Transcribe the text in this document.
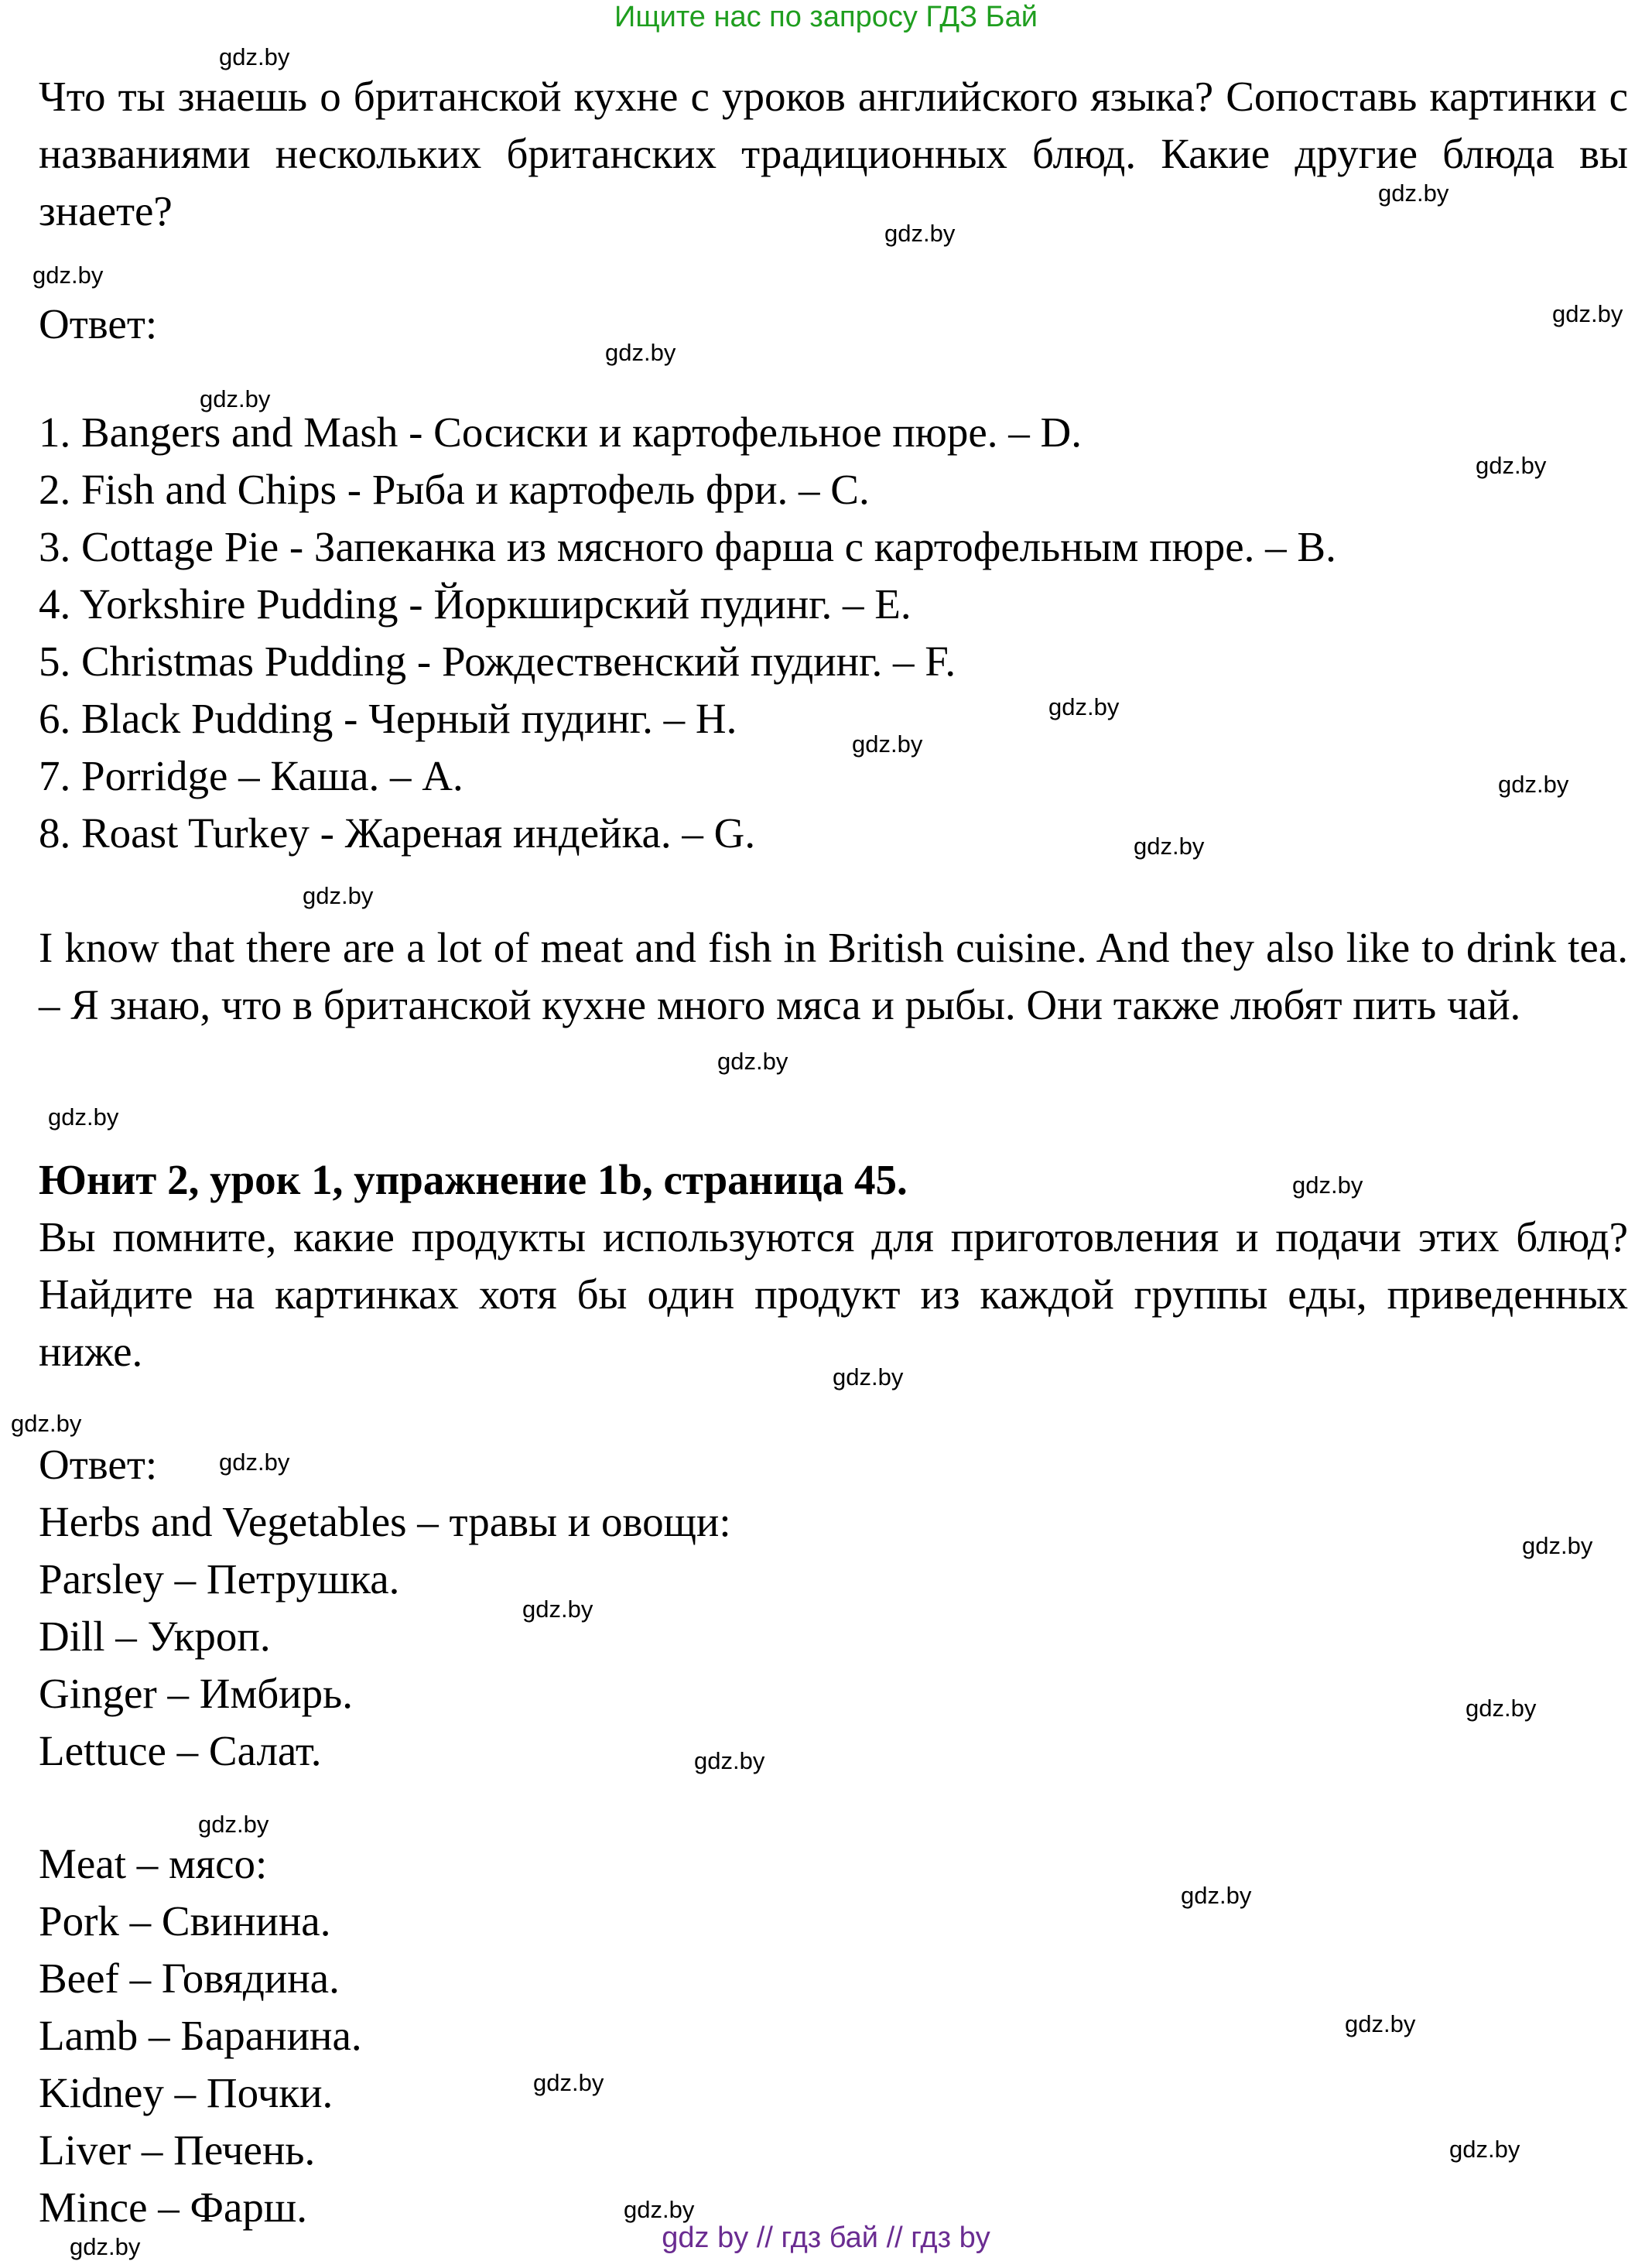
Ищите нас по запросу ГДЗ Бай
Что ты знаешь о британской кухне с уроков английского языка? Сопоставь картинки с названиями нескольких британских традиционных блюд. Какие другие блюда вы знаете?
Ответ:
1. Bangers and Mash - Сосиски и картофельное пюре. – D.
2. Fish and Chips - Рыба и картофель фри. – C.
3. Cottage Pie - Запеканка из мясного фарша с картофельным пюре. – B.
4. Yorkshire Pudding - Йоркширский пудинг. – E.
5. Christmas Pudding - Рождественский пудинг. – F.
6. Black Pudding - Черный пудинг. – H.
7. Porridge – Каша. – A.
8. Roast Turkey - Жареная индейка. – G.
I know that there are a lot of meat and fish in British cuisine. And they also like to drink tea. – Я знаю, что в британской кухне много мяса и рыбы. Они также любят пить чай.
Юнит 2, урок 1, упражнение 1b, страница 45.
Вы помните, какие продукты используются для приготовления и подачи этих блюд? Найдите на картинках хотя бы один продукт из каждой группы еды, приведенных ниже.
Ответ:
Herbs and Vegetables – травы и овощи:
Parsley – Петрушка.
Dill – Укроп.
Ginger – Имбирь.
Lettuce – Салат.
Meat – мясо:
Pork – Свинина.
Beef – Говядина.
Lamb – Баранина.
Kidney – Почки.
Liver – Печень.
Mince – Фарш.
gdz.by
gdz.by
gdz.by
gdz.by
gdz.by
gdz.by
gdz.by
gdz.by
gdz.by
gdz.by
gdz.by
gdz.by
gdz.by
gdz.by
gdz.by
gdz.by
gdz.by
gdz.by
gdz.by
gdz.by
gdz.by
gdz.by
gdz.by
gdz.by
gdz.by
gdz.by
gdz.by
gdz.by
gdz.by
gdz.by	gdz by // гдз бай // гдз by
